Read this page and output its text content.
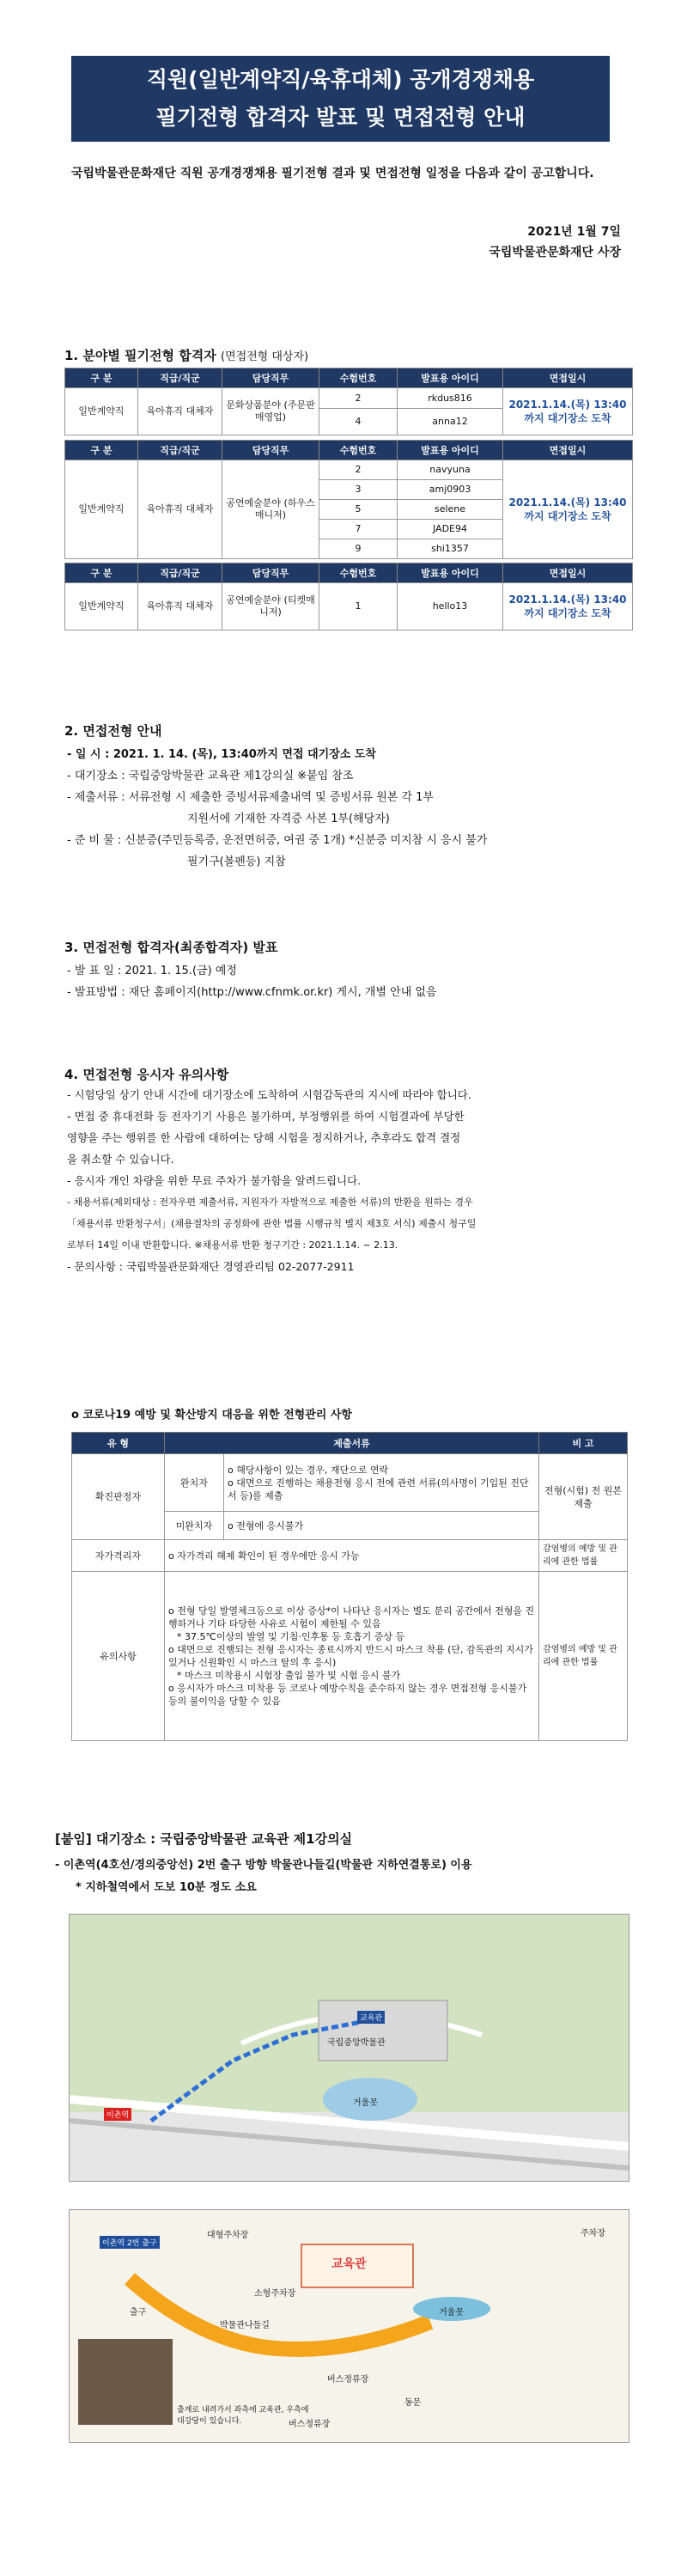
직원(일반계약직/육휴대체) 공개경쟁채용
필기전형 합격자 발표 및 면접전형 안내
국립박물관문화재단 직원 공개경쟁채용 필기전형 결과 및 면접전형 일정을 다음과 같이 공고합니다.
2021년 1월 7일
국립박물관문화재단 사장
1. 분야별 필기전형 합격자 (면접전형 대상자)
구 분	직급/직군	담당직무	수험번호	발표용 아이디	면접일시
일반계약직	육아휴직 대체자	문화상품분야 (주문판매영업)	2	rkdus816	2021.1.14.(목) 13:40 까지 대기장소 도착
			4	anna12	
구 분	직급/직군	담당직무	수험번호	발표용 아이디	면접일시
일반계약직	육아휴직 대체자	공연예술분야 (하우스매니저)	2	navyuna	2021.1.14.(목) 13:40 까지 대기장소 도착
			3	amj0903	
			5	selene	
			7	JADE94	
			9	shi1357	
구 분	직급/직군	담당직무	수험번호	발표용 아이디	면접일시
일반계약직	육아휴직 대체자	공연예술분야 (티켓매니저)	1	hello13	2021.1.14.(목) 13:40 까지 대기장소 도착
2. 면접전형 안내
- 일 시 : 2021. 1. 14. (목), 13:40까지 면접 대기장소 도착
- 대기장소 : 국립중앙박물관 교육관 제1강의실 ※붙임 참조
- 제출서류 : 서류전형 시 제출한 증빙서류제출내역 및 증빙서류 원본 각 1부
지원서에 기재한 자격증 사본 1부(해당자)
- 준 비 물 : 신분증(주민등록증, 운전면허증, 여권 중 1개) *신분증 미지참 시 응시 불가
필기구(볼펜등) 지참
3. 면접전형 합격자(최종합격자) 발표
- 발 표 일 : 2021. 1. 15.(금) 예정
- 발표방법 : 재단 홈페이지(http://www.cfnmk.or.kr) 게시, 개별 안내 없음
4. 면접전형 응시자 유의사항
- 시험당일 상기 안내 시간에 대기장소에 도착하여 시험감독관의 지시에 따라야 합니다.
- 면접 중 휴대전화 등 전자기기 사용은 불가하며, 부정행위를 하여 시험결과에 부당한
영향을 주는 행위를 한 사람에 대하여는 당해 시험을 정지하거나, 추후라도 합격 결정
을 취소할 수 있습니다.
- 응시자 개인 차량을 위한 무료 주차가 불가함을 알려드립니다.
- 채용서류(제외대상 : 전자우편 제출서류, 지원자가 자발적으로 제출한 서류)의 반환을 원하는 경우
「채용서류 반환청구서」(채용절차의 공정화에 관한 법률 시행규칙 별지 제3호 서식) 제출시 청구일
로부터 14일 이내 반환합니다. ※채용서류 반환 청구기간 : 2021.1.14. ~ 2.13.
- 문의사항 : 국립박물관문화재단 경영관리팀 02-2077-2911
o 코로나19 예방 및 확산방지 대응을 위한 전형관리 사항
유 형	제출서류		비 고
확진판정자	완치자	o 해당사항이 있는 경우, 재단으로 연락
o 대면으로 진행하는 채용전형 응시 전에 관련 서류(의사명이 기입된 진단서 등)를 제출	전형(시험) 전 원본제출
	미완치자	o 전형에 응시불가	
자가격리자	o 자가격리 해제 확인이 된 경우에만 응시 가능		감염병의 예방 및 관리에 관한 법률
유의사항	o 전형 당일 발열체크등으로 이상 증상*이 나타난 응시자는 별도 분리 공간에서 전형을 진행하거나 기타 타당한 사유로 시험이 제한될 수 있음
* 37.5℃이상의 발열 및 기침·인후통 등 호흡기 증상 등
o 대면으로 진행되는 전형 응시자는 종료시까지 반드시 마스크 착용 (단, 감독관의 지시가 있거나 신원확인 시 마스크 탈의 후 응시)
* 마스크 미착용시 시험장 출입 불가 및 시험 응시 불가
o 응시자가 마스크 미착용 등 코로나 예방수칙을 준수하지 않는 경우 면접전형 응시불가 등의 불이익을 당할 수 있음		감염병의 예방 및 관리에 관한 법률
[붙임] 대기장소 : 국립중앙박물관 교육관 제1강의실
- 이촌역(4호선/경의중앙선) 2번 출구 방향 박물관나들길(박물관 지하연결통로) 이용
* 지하철역에서 도보 10분 정도 소요
교육관
국립중앙박물관
거울못
이촌역
이촌역 2번 출구
교육관
주차장
대형주차장
출구
소형주차장
박물관나들길
거울못
버스정류장
버스정류장
동문
출계로 내려가서 좌측에 교육관, 우측에 대강당이 있습니다.
